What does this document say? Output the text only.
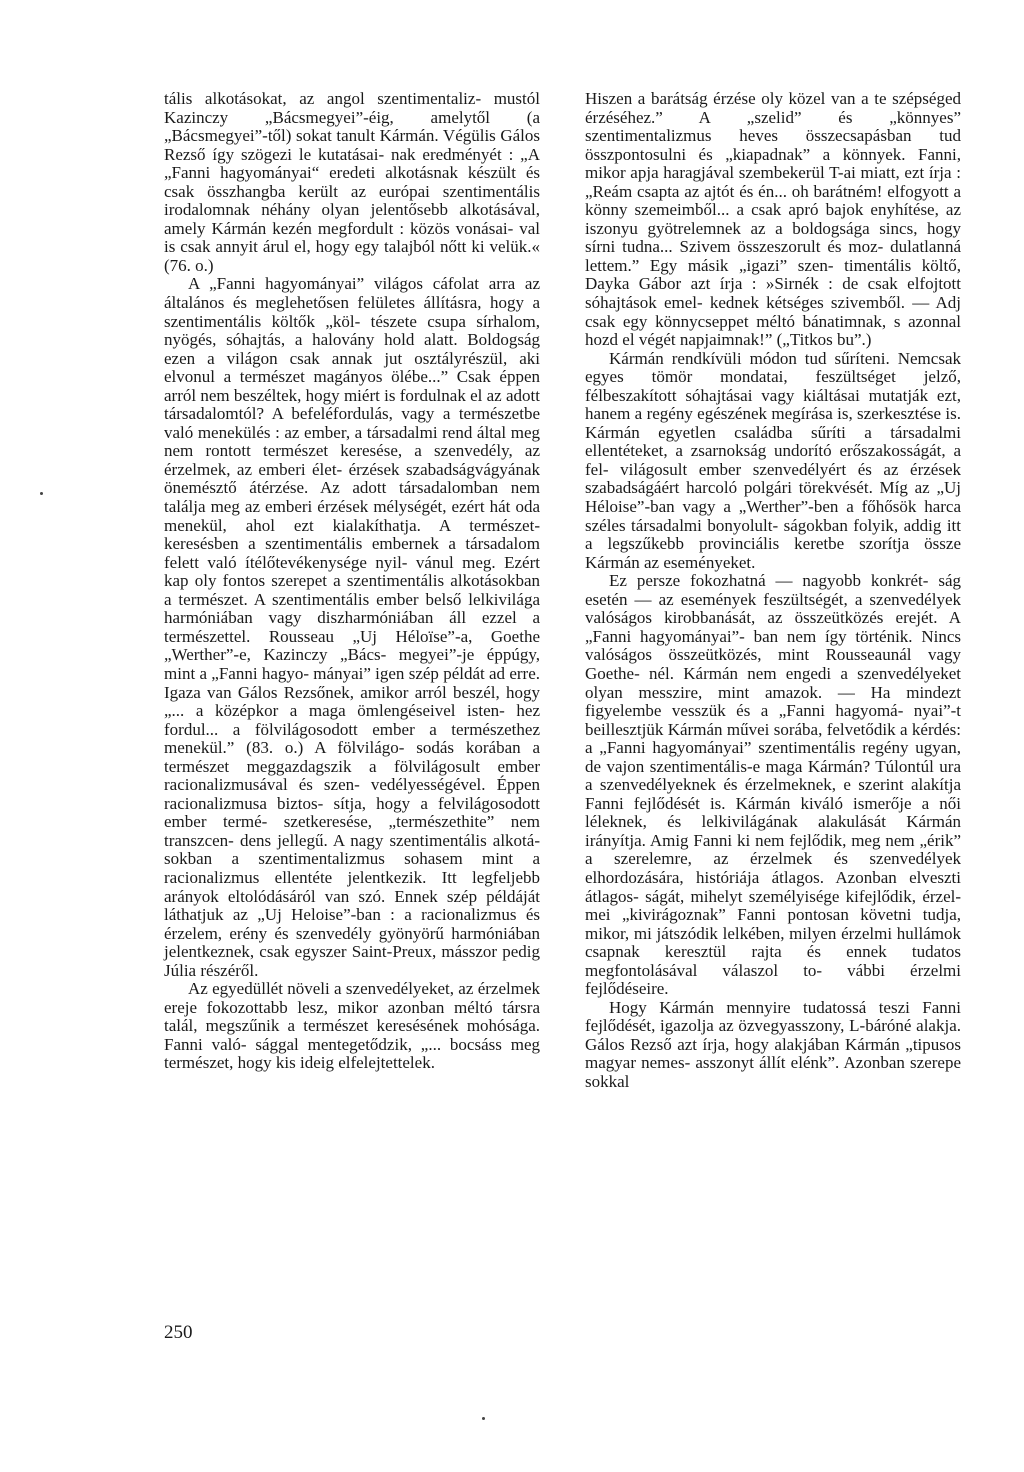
tális alkotásokat, az angol szentimentaliz- mustól Kazinczy „Bácsmegyei”-éig, amelytől (a „Bácsmegyei”-től) sokat tanult Kármán. Végülis Gálos Rezső így szögezi le kutatásai- nak eredményét : „A „Fanni hagyományai“ eredeti alkotásnak készült és csak összhangba került az európai szentimentális irodalomnak néhány olyan jelentősebb alkotásával, amely Kármán kezén megfordult : közös vonásai- val is csak annyit árul el, hogy egy talajból nőtt ki velük.« (76. o.)

A „Fanni hagyományai” világos cáfolat arra az általános és meglehetősen felületes állításra, hogy a szentimentális költők „köl- tészete csupa sírhalom, nyögés, sóhajtás, a halovány hold alatt. Boldogság ezen a világon csak annak jut osztályrészül, aki elvonul a természet magányos ölébe...” Csak éppen arról nem beszéltek, hogy miért is fordulnak el az adott társadalomtól? A befeléfordulás, vagy a természetbe való menekülés : az ember, a társadalmi rend által meg nem rontott természet keresése, a szenvedély, az érzelmek, az emberi élet- érzések szabadságvágyának önemésztő átérzése. Az adott társadalomban nem találja meg az emberi érzések mélységét, ezért hát oda menekül, ahol ezt kialakíthatja. A természet- keresésben a szentimentális embernek a társadalom felett való ítélőtevékenysége nyil- vánul meg. Ezért kap oly fontos szerepet a szentimentális alkotásokban a természet. A szentimentális ember belső lelkivilága harmóniában vagy diszharmóniában áll ezzel a természettel. Rousseau „Uj Héloïse”-a, Goethe „Werther”-e, Kazinczy „Bács- megyei”-je éppúgy, mint a „Fanni hagyo- mányai” igen szép példát ad erre. Igaza van Gálos Rezsőnek, amikor arról beszél, hogy „... a középkor a maga ömlengéseivel isten- hez fordul... a fölvilágosodott ember a természethez menekül.” (83. o.) A fölvilágo- sodás korában a természet meggazdagszik a fölvilágosult ember racionalizmusával és szen- vedélyességével. Éppen racionalizmusa biztos- sítja, hogy a felvilágosodott ember termé- szetkeresése, „természethite” nem transzcen- dens jellegű. A nagy szentimentális alkotá- sokban a szentimentalizmus sohasem mint a racionalizmus ellentéte jelentkezik. Itt legfeljebb arányok eltolódásáról van szó. Ennek szép példáját láthatjuk az „Uj Heloise”-ban : a racionalizmus és érzelem, erény és szenvedély gyönyörű harmóniában jelentkeznek, csak egyszer Saint-Preux, másszor pedig Júlia részéről.

Az egyedüllét növeli a szenvedélyeket, az érzelmek ereje fokozottabb lesz, mikor azonban méltó társra talál, megszűnik a természet keresésének mohósága. Fanni való- sággal mentegetődzik, „... bocsáss meg természet, hogy kis ideig elfelejtettelek.

Hiszen a barátság érzése oly közel van a te szépséged érzéséhez.” A „szelid” és „könnyes” szentimentalizmus heves összecsapásban tud összpontosulni és „kiapadnak” a könnyek. Fanni, mikor apja haragjával szembekerül T-ai miatt, ezt írja : „Reám csapta az ajtót és én... oh barátném! elfogyott a könny szemeimből... a csak apró bajok enyhítése, az iszonyu gyötrelemnek az a boldogsága sincs, hogy sírni tudna... Szivem összeszorult és moz- dulatlanná lettem.” Egy másik „igazi” szen- timentális költő, Dayka Gábor azt írja : »Sirnék : de csak elfojtott sóhajtások emel- kednek kétséges szivemből. — Adj csak egy könnycseppet méltó bánatimnak, s azonnal hozd el végét napjaimnak!” („Titkos bu”.)

Kármán rendkívüli módon tud sűríteni. Nemcsak egyes tömör mondatai, feszültséget jelző, félbeszakított sóhajtásai vagy kiáltásai mutatják ezt, hanem a regény egészének megírása is, szerkesztése is. Kármán egyetlen családba sűríti a társadalmi ellentéteket, a zsarnokság undorító erőszakosságát, a fel- világosult ember szenvedélyért és az érzések szabadságáért harcoló polgári törekvését. Míg az „Uj Héloise”-ban vagy a „Werther”-ben a főhősök harca széles társadalmi bonyolult- ságokban folyik, addig itt a legszűkebb provinciális keretbe szorítja össze Kármán az eseményeket.

Ez persze fokozhatná — nagyobb konkrét- ság esetén — az események feszültségét, a szenvedélyek valóságos kirobbanását, az összeütközés erejét. A „Fanni hagyományai”- ban nem így történik. Nincs valóságos összeütközés, mint Rousseaunál vagy Goethe- nél. Kármán nem engedi a szenvedélyeket olyan messzire, mint amazok. — Ha mindezt figyelembe vesszük és a „Fanni hagyomá- nyai”-t beillesztjük Kármán művei sorába, felvetődik a kérdés: a „Fanni hagyományai” szentimentális regény ugyan, de vajon szentimentális-e maga Kármán? Túlontúl ura a szenvedélyeknek és érzelmeknek, e szerint alakítja Fanni fejlődését is. Kármán kiváló ismerője a női léleknek, és lelkivilágának alakulását Kármán irányítja. Amig Fanni ki nem fejlődik, meg nem „érik” a szerelemre, az érzelmek és szenvedélyek elhordozására, históriája átlagos. Azonban elveszti átlagos- ságát, mihelyt személyisége kifejlődik, érzel- mei „kivirágoznak” Fanni pontosan követni tudja, mikor, mi játszódik lelkében, milyen érzelmi hullámok csapnak keresztül rajta és ennek tudatos megfontolásával válaszol to- vábbi érzelmi fejlődéseire.

Hogy Kármán mennyire tudatossá teszi Fanni fejlődését, igazolja az özvegyasszony, L-báróné alakja. Gálos Rezső azt írja, hogy alakjában Kármán „tipusos magyar nemes- asszonyt állít elénk”. Azonban szerepe sokkal

250
